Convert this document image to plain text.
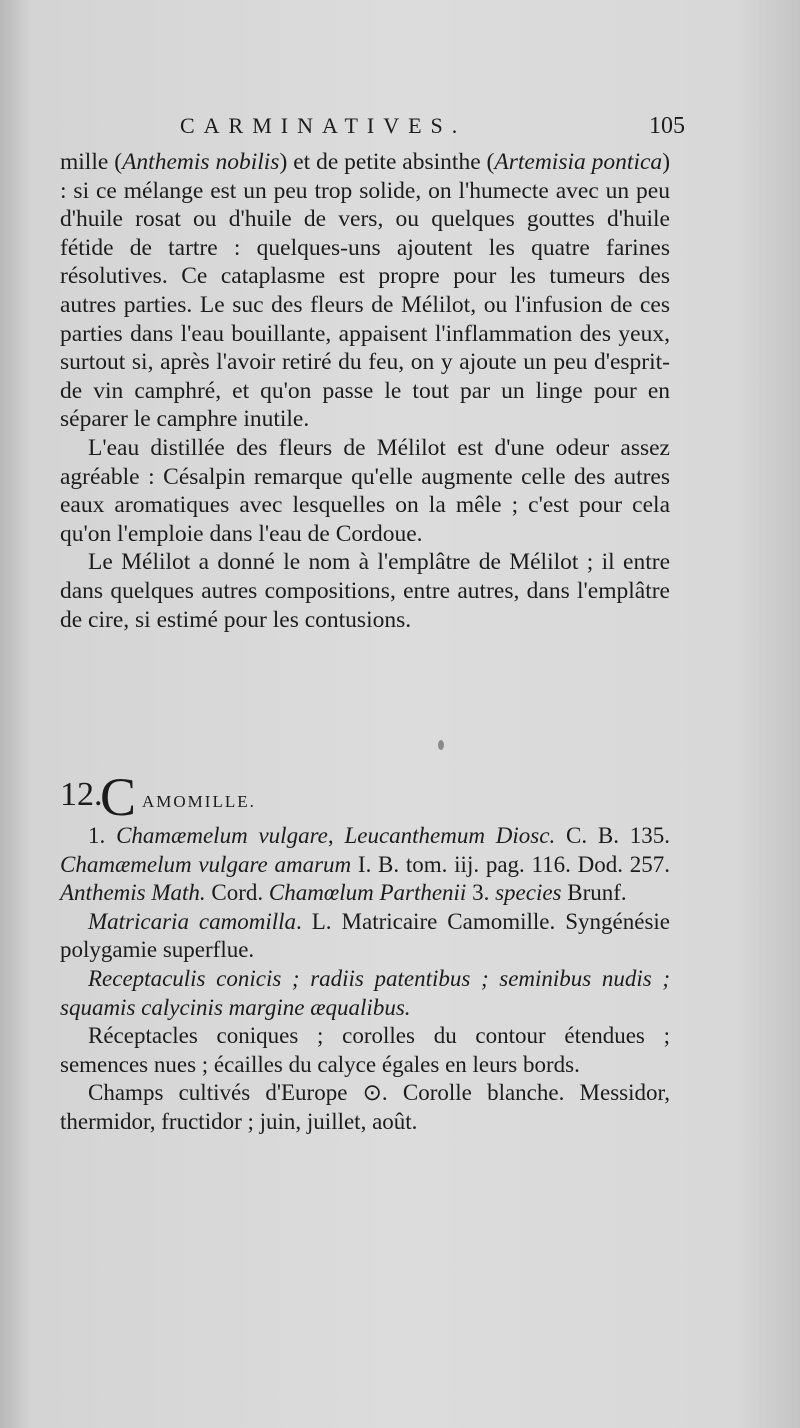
CARMINATIVES.	105

mille (Anthemis nobilis) et de petite absinthe (Artemisia pontica) : si ce mélange est un peu trop solide, on l'humecte avec un peu d'huile rosat ou d'huile de vers, ou quelques gouttes d'huile fétide de tartre : quelques-uns ajoutent les quatre farines résolutives. Ce cataplasme est propre pour les tumeurs des autres parties. Le suc des fleurs de Mélilot, ou l'infusion de ces parties dans l'eau bouillante, appaisent l'inflammation des yeux, surtout si, après l'avoir retiré du feu, on y ajoute un peu d'esprit-de vin camphré, et qu'on passe le tout par un linge pour en séparer le camphre inutile.

L'eau distillée des fleurs de Mélilot est d'une odeur assez agréable : Césalpin remarque qu'elle augmente celle des autres eaux aromatiques avec lesquelles on la mêle ; c'est pour cela qu'on l'emploie dans l'eau de Cordoue.

Le Mélilot a donné le nom à l'emplâtre de Mélilot ; il entre dans quelques autres compositions, entre autres, dans l'emplâtre de cire, si estimé pour les contusions.

12.
C AMOMILLE.

1. Chamæmelum vulgare, Leucanthemum Diosc. C. B. 135. Chamæmelum vulgare amarum I. B. tom. iij. pag. 116. Dod. 257. Anthemis Math. Cord. Chamœlum Parthenii 3. species Brunf.

Matricaria camomilla. L. Matricaire Camomille. Syngénésie polygamie superflue.

Receptaculis conicis ; radiis patentibus ; seminibus nudis ; squamis calycinis margine æqualibus.

Réceptacles coniques ; corolles du contour étendues ; semences nues ; écailles du calyce égales en leurs bords.

Champs cultivés d'Europe ⊙. Corolle blanche. Messidor, thermidor, fructidor ; juin, juillet, août.
